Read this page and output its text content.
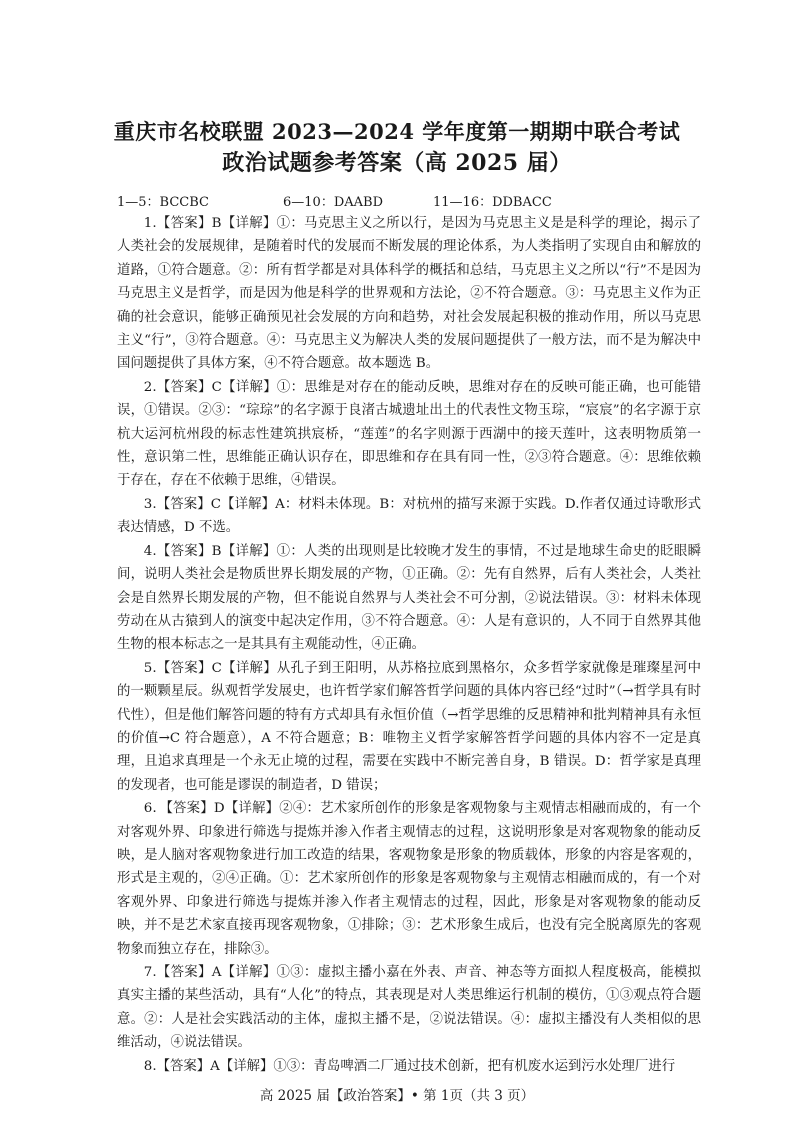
重庆市名校联盟 2023—2024 学年度第一期期中联合考试
政治试题参考答案（高 2025 届）
1—5：BCCBC	6—10：DAABD	11—16：DDBACC

1.【答案】B【详解】①：马克思主义之所以行，是因为马克思主义是是科学的理论，揭示了人类社会的发展规律，是随着时代的发展而不断发展的理论体系，为人类指明了实现自由和解放的道路，①符合题意。②：所有哲学都是对具体科学的概括和总结，马克思主义之所以“行”不是因为马克思主义是哲学，而是因为他是科学的世界观和方法论，②不符合题意。③：马克思主义作为正确的社会意识，能够正确预见社会发展的方向和趋势，对社会发展起积极的推动作用，所以马克思主义“行”，③符合题意。④：马克思主义为解决人类的发展问题提供了一般方法，而不是为解决中国问题提供了具体方案，④不符合题意。故本题选 B。

2.【答案】C【详解】①：思维是对存在的能动反映，思维对存在的反映可能正确，也可能错误，①错误。②③：“琮琮”的名字源于良渚古城遗址出土的代表性文物玉琮，“宸宸”的名字源于京杭大运河杭州段的标志性建筑拱宸桥，“莲莲”的名字则源于西湖中的接天莲叶，这表明物质第一性，意识第二性，思维能正确认识存在，即思维和存在具有同一性，②③符合题意。④：思维依赖于存在，存在不依赖于思维，④错误。

3.【答案】C【详解】A：材料未体现。B：对杭州的描写来源于实践。D.作者仅通过诗歌形式表达情感，D 不选。

4.【答案】B【详解】①：人类的出现则是比较晚才发生的事情，不过是地球生命史的眨眼瞬间，说明人类社会是物质世界长期发展的产物，①正确。②：先有自然界，后有人类社会，人类社会是自然界长期发展的产物，但不能说自然界与人类社会不可分割，②说法错误。③：材料未体现劳动在从古猿到人的演变中起决定作用，③不符合题意。④：人是有意识的，人不同于自然界其他生物的根本标志之一是其具有主观能动性，④正确。

5.【答案】C【详解】从孔子到王阳明，从苏格拉底到黑格尔，众多哲学家就像是璀璨星河中的一颗颗星辰。纵观哲学发展史，也许哲学家们解答哲学问题的具体内容已经“过时”（→哲学具有时代性），但是他们解答问题的特有方式却具有永恒价值（→哲学思维的反思精神和批判精神具有永恒的价值→C 符合题意），A 不符合题意；B：唯物主义哲学家解答哲学问题的具体内容不一定是真理，且追求真理是一个永无止境的过程，需要在实践中不断完善自身，B 错误。D：哲学家是真理的发现者，也可能是谬误的制造者，D 错误；

6．【答案】D【详解】②④：艺术家所创作的形象是客观物象与主观情志相融而成的，有一个对客观外界、印象进行筛选与提炼并渗入作者主观情志的过程，这说明形象是对客观物象的能动反映，是人脑对客观物象进行加工改造的结果，客观物象是形象的物质载体，形象的内容是客观的，形式是主观的，②④正确。①：艺术家所创作的形象是客观物象与主观情志相融而成的，有一个对客观外界、印象进行筛选与提炼并渗入作者主观情志的过程，因此，形象是对客观物象的能动反映，并不是艺术家直接再现客观物象，①排除；③：艺术形象生成后，也没有完全脱离原先的客观物象而独立存在，排除③。

7.【答案】A【详解】①③：虚拟主播小嘉在外表、声音、神态等方面拟人程度极高，能模拟真实主播的某些活动，具有“人化”的特点，其表现是对人类思维运行机制的模仿，①③观点符合题意。②：人是社会实践活动的主体，虚拟主播不是，②说法错误。④：虚拟主播没有人类相似的思维活动，④说法错误。

8.【答案】A【详解】①③：青岛啤酒二厂通过技术创新，把有机废水运到污水处理厂进行

高 2025 届【政治答案】• 第 1页（共 3 页）
